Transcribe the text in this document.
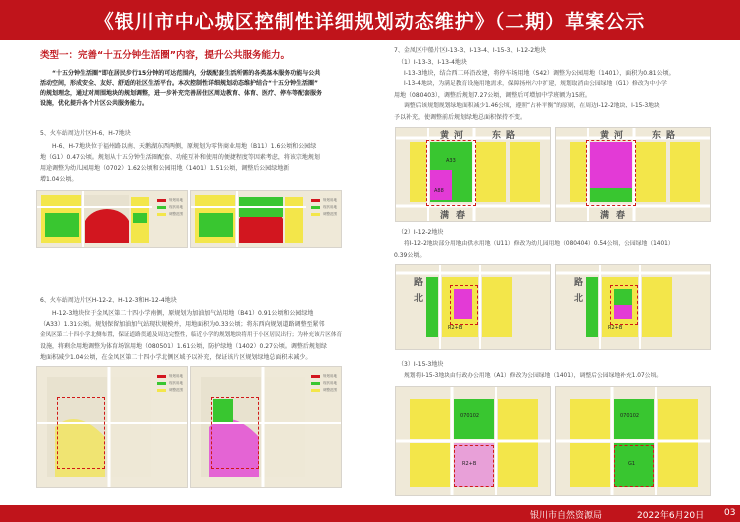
《银川市中心城区控制性详细规划动态维护》（二期）草案公示
类型一：完善“十五分钟生活圈”内容，提升公共服务能力。
“十五分钟生活圈”即在居民步行15分钟的可达范围内，分级配套生活所需的各类基本服务功能与公共
活动空间，形成安全、友好、舒适的社区生活平台。本次控制性详细规划动态维护结合“十五分钟生活圈”
的规划理念，通过对周围地块的规划调整，进一步补充完善居住区周边教育、体育、医疗、停车等配套服务
设施，优化提升各个片区公共服务能力。
5、火车站周边片区H-6、H-7地块
H-6、H-7地块位于福州路以南、天鹅湖东西两侧，原规划为零售商业用地（B11）1.6公顷和公园绿
地（G1）0.47公顷。规划从十五分钟生活圈配套、功能互补和使用的便捷程度等因素考虑，将该宗地规划
用途调整为幼儿园用地（0702）1.62公顷和公园用地（1401）1.51公顷，调整后公园绿地新
增1.04公顷。
规划用地
现状用地
调整范围
规划用地
现状用地
调整范围
6、火车站周边片区H-12-2、H-12-3和H-12-4地块
H-12-3地块位于金凤区第二十四小学南侧，原规划为加油加气站用地（B41）0.91公顷和公园绿地
（A33）1.31公顷。规划保留加油加气站现状规模并，用地面积为0.33公顷；将东西向规划道路调整至紧邻
金凤区第二十四小学北侧布置，保证道路贯通及周边完整性，临近小学的规划地块将用于小区居民出行；为补充该片区体育
设施，将剩余用地调整为体育场馆用地（080501）1.61公顷，防护绿地（1402）0.27公顷。调整后规划绿
地面积减少1.04公顷，在金凤区第二十四小学北侧区域予以补充，保证该片区规划绿地总面积未减少。
规划用地
现状用地
调整范围
规划用地
现状用地
调整范围
7、金凤区中船片区I-13-3、I-13-4、I-15-3、I-12-2地块
（1）I-13-3、I-13-4地块
I-13-3地块，结合西二环沿改建，将停车场用地（S42）调整为公园用地（1401），面积为0.81公顷。
I-13-4地块，为满足教育设施用地需求，保障扬州六中扩建，规划取消由公园绿地（G1）修改为中小学
用地（080403），调整后规划7.27公顷，调整后可增加中学班额为15班。
调整后该规划规划绿地面积减少1.46公顷，遵照“占补平衡”的原则，在周边I-12-2地块、I-15-3地块
予以补充，使调整前后规划绿地总面积保持不变。
黄 河	东 路
满 春
A33
A88
黄 河	东 路
满 春
（2）I-12-2地块
将I-12-2地块部分用地由供水用地（U11）修改为幼儿园用地（080404）0.54公顷，公园绿地（1401）
0.39公顷。
R2+B
路
北
R2+B
路
北
（3）I-15-3地块
规划将I-15-3地块由行政办公用地（A1）修改为公园绿地（1401），调整后公园绿地补充1.07公顷。
070102
R2+B
070102
G1
银川市自然资源局	2022年6月20日 03
